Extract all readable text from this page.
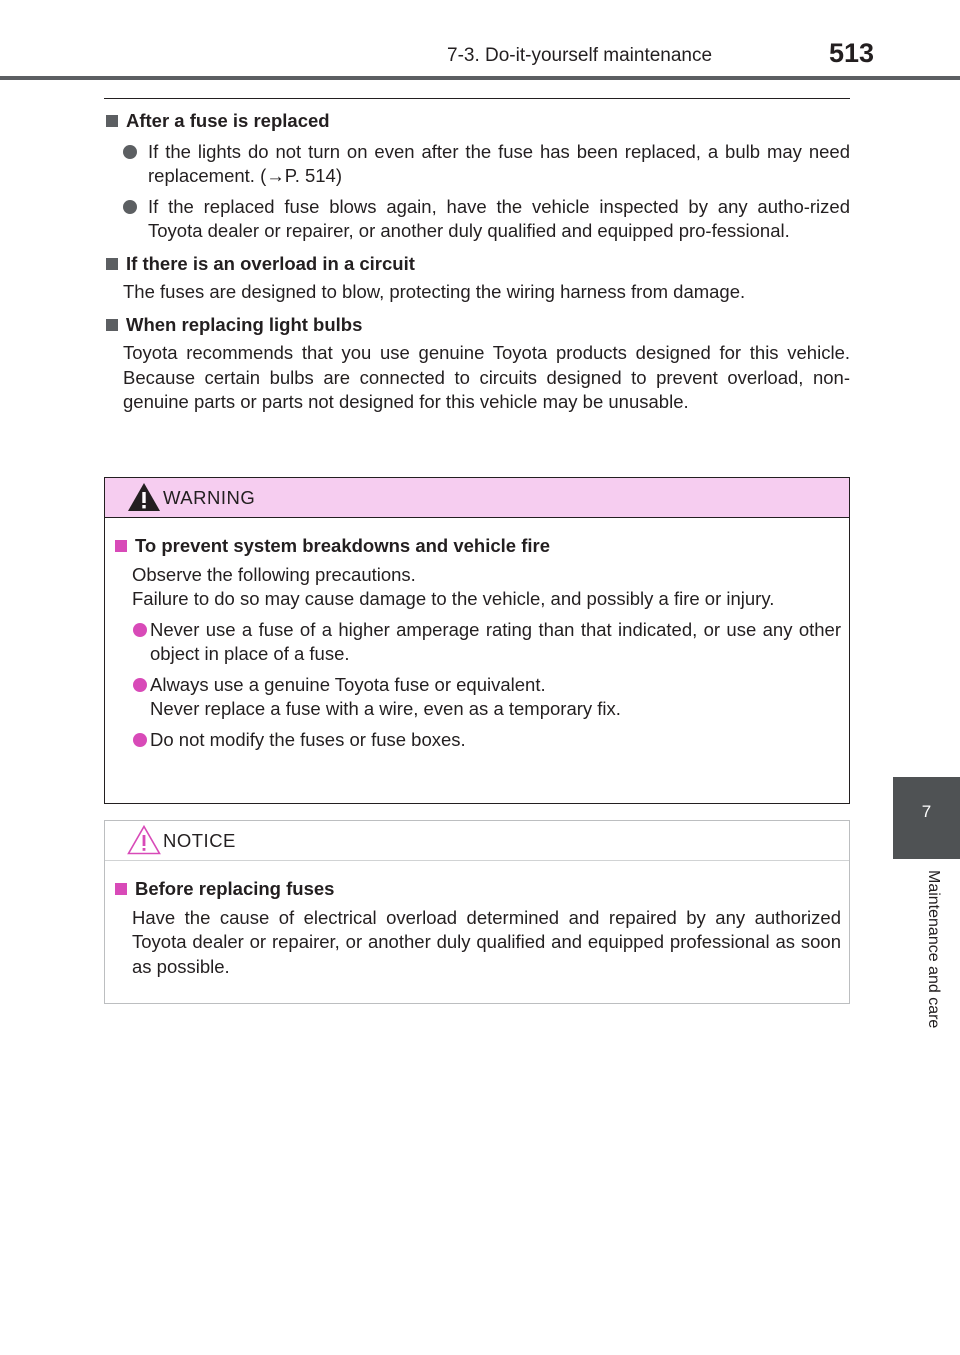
7-3. Do-it-yourself maintenance	513
7
Maintenance and care
After a fuse is replaced
If the lights do not turn on even after the fuse has been replaced, a bulb may need replacement. (→P. 514)
If the replaced fuse blows again, have the vehicle inspected by any autho-rized Toyota dealer or repairer, or another duly qualified and equipped pro-fessional.
If there is an overload in a circuit
The fuses are designed to blow, protecting the wiring harness from damage.
When replacing light bulbs
Toyota recommends that you use genuine Toyota products designed for this vehicle. Because certain bulbs are connected to circuits designed to prevent overload, non-genuine parts or parts not designed for this vehicle may be unusable.
WARNING
To prevent system breakdowns and vehicle fire
Observe the following precautions.
Failure to do so may cause damage to the vehicle, and possibly a fire or injury.
Never use a fuse of a higher amperage rating than that indicated, or use any other object in place of a fuse.
Always use a genuine Toyota fuse or equivalent.
Never replace a fuse with a wire, even as a temporary fix.
Do not modify the fuses or fuse boxes.
NOTICE
Before replacing fuses
Have the cause of electrical overload determined and repaired by any authorized Toyota dealer or repairer, or another duly qualified and equipped professional as soon as possible.
